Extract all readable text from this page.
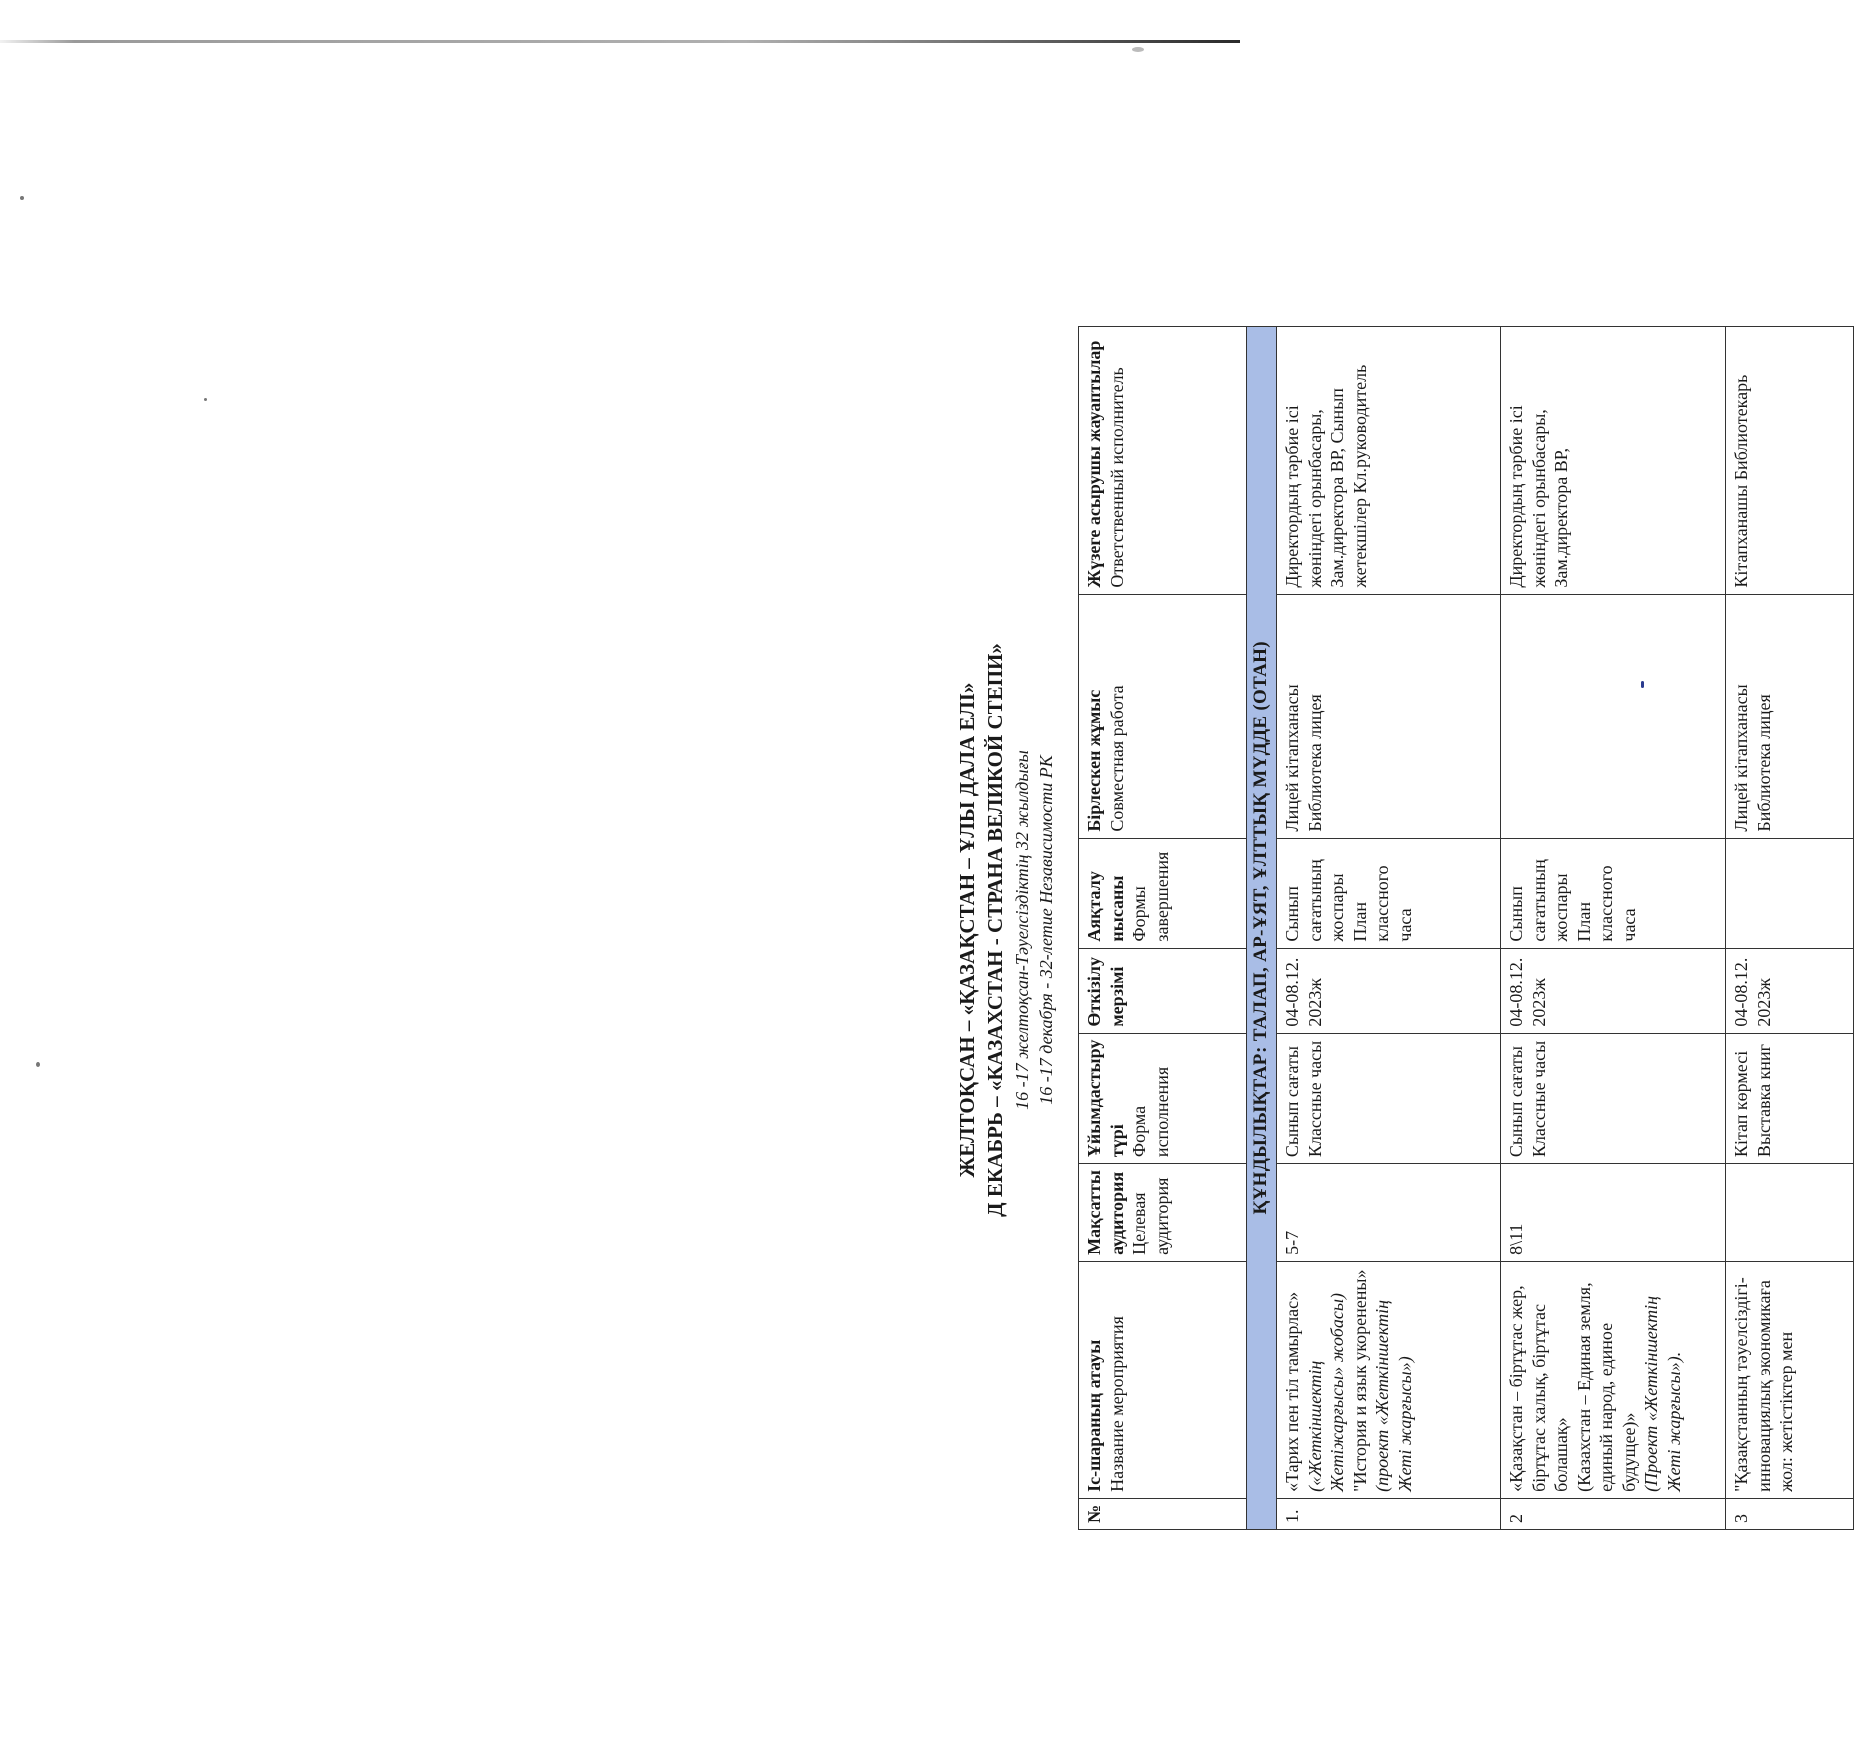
ЖЕЛТОҚСАН – «ҚАЗАҚСТАН – ҰЛЫ ДАЛА ЕЛІ» Д ЕКАБРЬ – «КАЗАХСТАН - СТРАНА ВЕЛИКОЙ СТЕПИ» 16 -17 желтоқсан-Тәуелсіздіктің 32 жылдығы 16 -17 декабря - 32-летие Независимости РК
№	Іс-шараның атауы Название мероприятия	Мақсатты аудитория Целевая аудитория	Ұйымдастыру түрі Форма исполнения	Өткізілу мерзімі	Аяқталу нысаны Формы завершения	Бірлескен жұмыс Совместная работа	Жүзеге асырушы жауаптылар Ответственный исполнитель

ҚҰНДЫЛЫҚТАР: ТАЛАП, АР-ҰЯТ, ҰЛТТЫҚ МҮДДЕ (ОТАН)							
1.	«Тарих пен тіл тамырлас» («Жеткіншектің Жетіжарғысы» жобасы) "История и язык укоренены» (проект «Жеткіншектің Жеті жарғысы»)	5-7	Сынып сағаты Классные часы	04-08.12. 2023ж	Сынып сағатының жоспары План классного часа	Лицей кітапханасы Библиотека лицея	Директордың тәрбие ісі жөніндегі орынбасары, Зам.директора ВР, Сынып жетекшілер Кл.руководитель
2	«Қазақстан – біртұтас жер, біртұтас халық, біртұтас болашақ» (Казахстан – Единая земля, единый народ, единое будущее)» (Проект «Жеткіншектің Жеті жарғысы»).	8\11	Сынып сағаты Классные часы	04-08.12. 2023ж	Сынып сағатының жоспары План классного часа		Директордың тәрбие ісі жөніндегі орынбасары, Зам.директора ВР,
3	"Қазақстанның тәуелсіздігі-инновациялық экономикаға жол: жетістіктер мен		Кітап көрмесі Выставка книг	04-08.12. 2023ж		Лицей кітапханасы Библиотека лицея	Кітапханашы Библиотекарь
